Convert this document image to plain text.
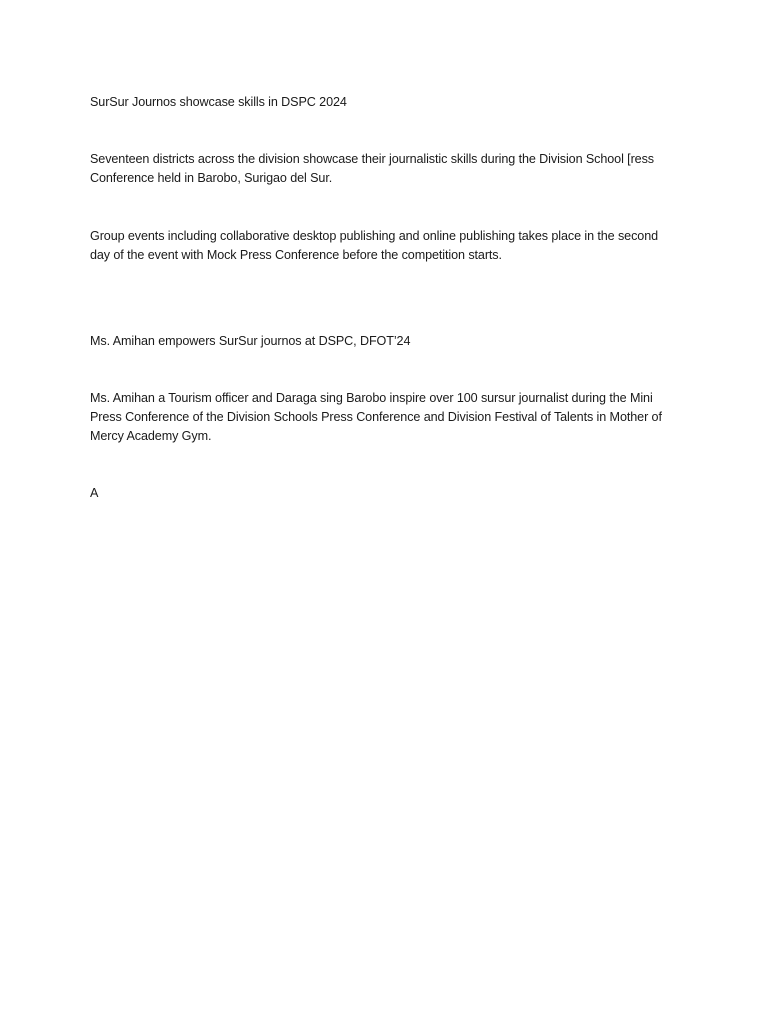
SurSur Journos showcase skills in DSPC 2024

Seventeen districts across the division showcase their journalistic skills during the Division School [ress Conference held in Barobo, Surigao del Sur.

Group events including collaborative desktop publishing and online publishing takes place in the second day of the event with Mock Press Conference before the competition starts.

Ms. Amihan empowers SurSur journos at DSPC, DFOT’24

Ms. Amihan a Tourism officer and Daraga sing Barobo inspire over 100 sursur journalist during the Mini Press Conference of the Division Schools Press Conference and Division Festival of Talents in Mother of Mercy Academy Gym.

A
